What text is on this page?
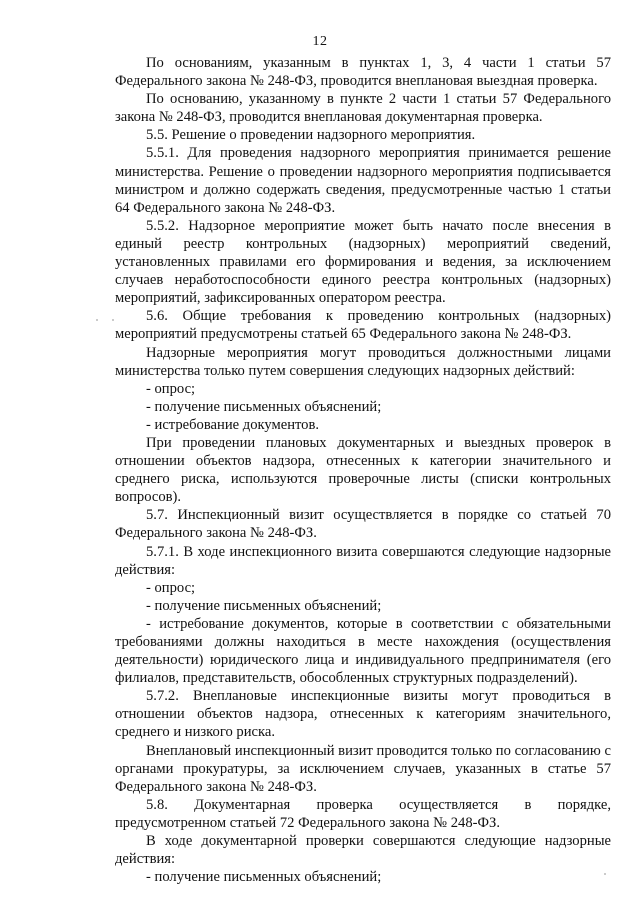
12

По основаниям, указанным в пунктах 1, 3, 4 части 1 статьи 57 Федерального закона № 248-ФЗ, проводится внеплановая выездная проверка.

По основанию, указанному в пункте 2 части 1 статьи 57 Федерального закона № 248-ФЗ, проводится внеплановая документарная проверка.

5.5. Решение о проведении надзорного мероприятия.

5.5.1. Для проведения надзорного мероприятия принимается решение министерства. Решение о проведении надзорного мероприятия подписывается министром и должно содержать сведения, предусмотренные частью 1 статьи 64 Федерального закона № 248-ФЗ.

5.5.2. Надзорное мероприятие может быть начато после внесения в единый реестр контрольных (надзорных) мероприятий сведений, установленных правилами его формирования и ведения, за исключением случаев неработоспособности единого реестра контрольных (надзорных) мероприятий, зафиксированных оператором реестра.

5.6. Общие требования к проведению контрольных (надзорных) мероприятий предусмотрены статьей 65 Федерального закона № 248-ФЗ.

Надзорные мероприятия могут проводиться должностными лицами министерства только путем совершения следующих надзорных действий:

- опрос;

- получение письменных объяснений;

- истребование документов.

При проведении плановых документарных и выездных проверок в отношении объектов надзора, отнесенных к категории значительного и среднего риска, используются проверочные листы (списки контрольных вопросов).

5.7. Инспекционный визит осуществляется в порядке со статьей 70 Федерального закона № 248-ФЗ.

5.7.1. В ходе инспекционного визита совершаются следующие надзорные действия:

- опрос;

- получение письменных объяснений;

- истребование документов, которые в соответствии с обязательными требованиями должны находиться в месте нахождения (осуществления деятельности) юридического лица и индивидуального предпринимателя (его филиалов, представительств, обособленных структурных подразделений).

5.7.2. Внеплановые инспекционные визиты могут проводиться в отношении объектов надзора, отнесенных к категориям значительного, среднего и низкого риска.

Внеплановый инспекционный визит проводится только по согласованию с органами прокуратуры, за исключением случаев, указанных в статье 57 Федерального закона № 248-ФЗ.

5.8. Документарная проверка осуществляется в порядке, предусмотренном статьей 72 Федерального закона № 248-ФЗ.

В ходе документарной проверки совершаются следующие надзорные действия:

- получение письменных объяснений;
